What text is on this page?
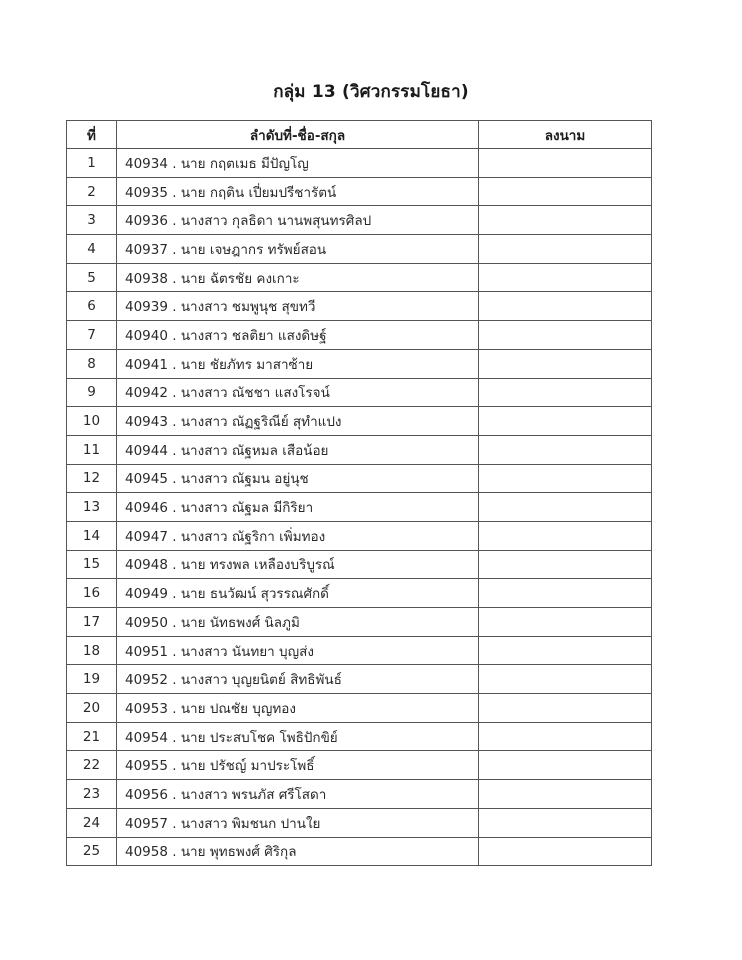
กลุ่ม 13 (วิศวกรรมโยธา)
ที่	ลำดับที่-ชื่อ-สกุล	ลงนาม
1	40934 . นาย กฤตเมธ มีปัญโญ	
2	40935 . นาย กฤติน เปี่ยมปรีชารัตน์	
3	40936 . นางสาว กุลธิดา นานพสุนทรศิลป	
4	40937 . นาย เจษฎากร ทรัพย์สอน	
5	40938 . นาย ฉัตรชัย คงเกาะ	
6	40939 . นางสาว ชมพูนุช สุขทวี	
7	40940 . นางสาว ชลติยา แสงดิษฐ์	
8	40941 . นาย ชัยภัทร มาสาซ้าย	
9	40942 . นางสาว ณัชชา แสงโรจน์	
10	40943 . นางสาว ณัฏฐริณีย์ สุทำแปง	
11	40944 . นางสาว ณัฐหมล เสือน้อย	
12	40945 . นางสาว ณัฐมน อยู่นุช	
13	40946 . นางสาว ณัฐมล มีกิริยา	
14	40947 . นางสาว ณัฐริกา เพิ่มทอง	
15	40948 . นาย ทรงพล เหลืองบริบูรณ์	
16	40949 . นาย ธนวัฒน์ สุวรรณศักดิ์	
17	40950 . นาย นัทธพงศ์ นิลภูมิ	
18	40951 . นางสาว นันทยา บุญส่ง	
19	40952 . นางสาว บุญยนิตย์ สิทธิพันธ์	
20	40953 . นาย ปณชัย บุญทอง	
21	40954 . นาย ประสบโชค โพธิปักขิย์	
22	40955 . นาย ปรัชญ์ มาประโพธิ์	
23	40956 . นางสาว พรนภัส ศรีโสดา	
24	40957 . นางสาว พิมชนก ปานใย	
25	40958 . นาย พุทธพงศ์ ศิริกุล	
